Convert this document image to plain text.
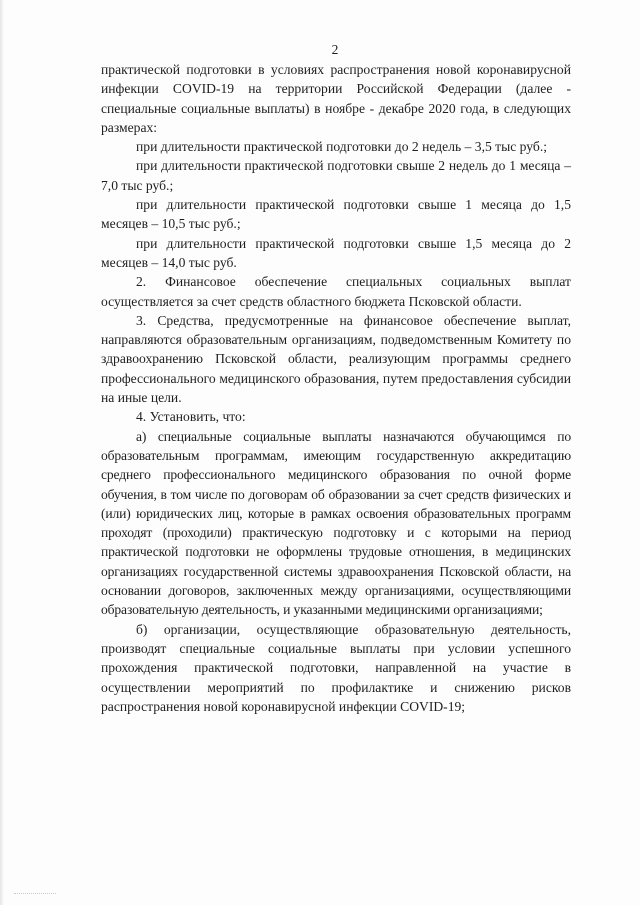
2

практической подготовки в условиях распространения новой коронавирусной инфекции COVID-19 на территории Российской Федерации (далее - специальные социальные выплаты) в ноябре - декабре 2020 года, в следующих размерах:

при длительности практической подготовки до 2 недель – 3,5 тыс руб.;

при длительности практической подготовки свыше 2 недель до 1 месяца – 7,0 тыс руб.;

при длительности практической подготовки свыше 1 месяца до 1,5 месяцев – 10,5 тыс руб.;

при длительности практической подготовки свыше 1,5 месяца до 2 месяцев – 14,0 тыс руб.

2. Финансовое обеспечение специальных социальных выплат осуществляется за счет средств областного бюджета Псковской области.

3. Средства, предусмотренные на финансовое обеспечение выплат, направляются образовательным организациям, подведомственным Комитету по здравоохранению Псковской области, реализующим программы среднего профессионального медицинского образования, путем предоставления субсидии на иные цели.

4. Установить, что:

а) специальные социальные выплаты назначаются обучающимся по образовательным программам, имеющим государственную аккредитацию среднего профессионального медицинского образования по очной форме обучения, в том числе по договорам об образовании за счет средств физических и (или) юридических лиц, которые в рамках освоения образовательных программ проходят (проходили) практическую подготовку и с которыми на период практической подготовки не оформлены трудовые отношения, в медицинских организациях государственной системы здравоохранения Псковской области, на основании договоров, заключенных между организациями, осуществляющими образовательную деятельность, и указанными медицинскими организациями;

б) организации, осуществляющие образовательную деятельность, производят специальные социальные выплаты при условии успешного прохождения практической подготовки, направленной на участие в осуществлении мероприятий по профилактике и снижению рисков распространения новой коронавирусной инфекции COVID-19;
